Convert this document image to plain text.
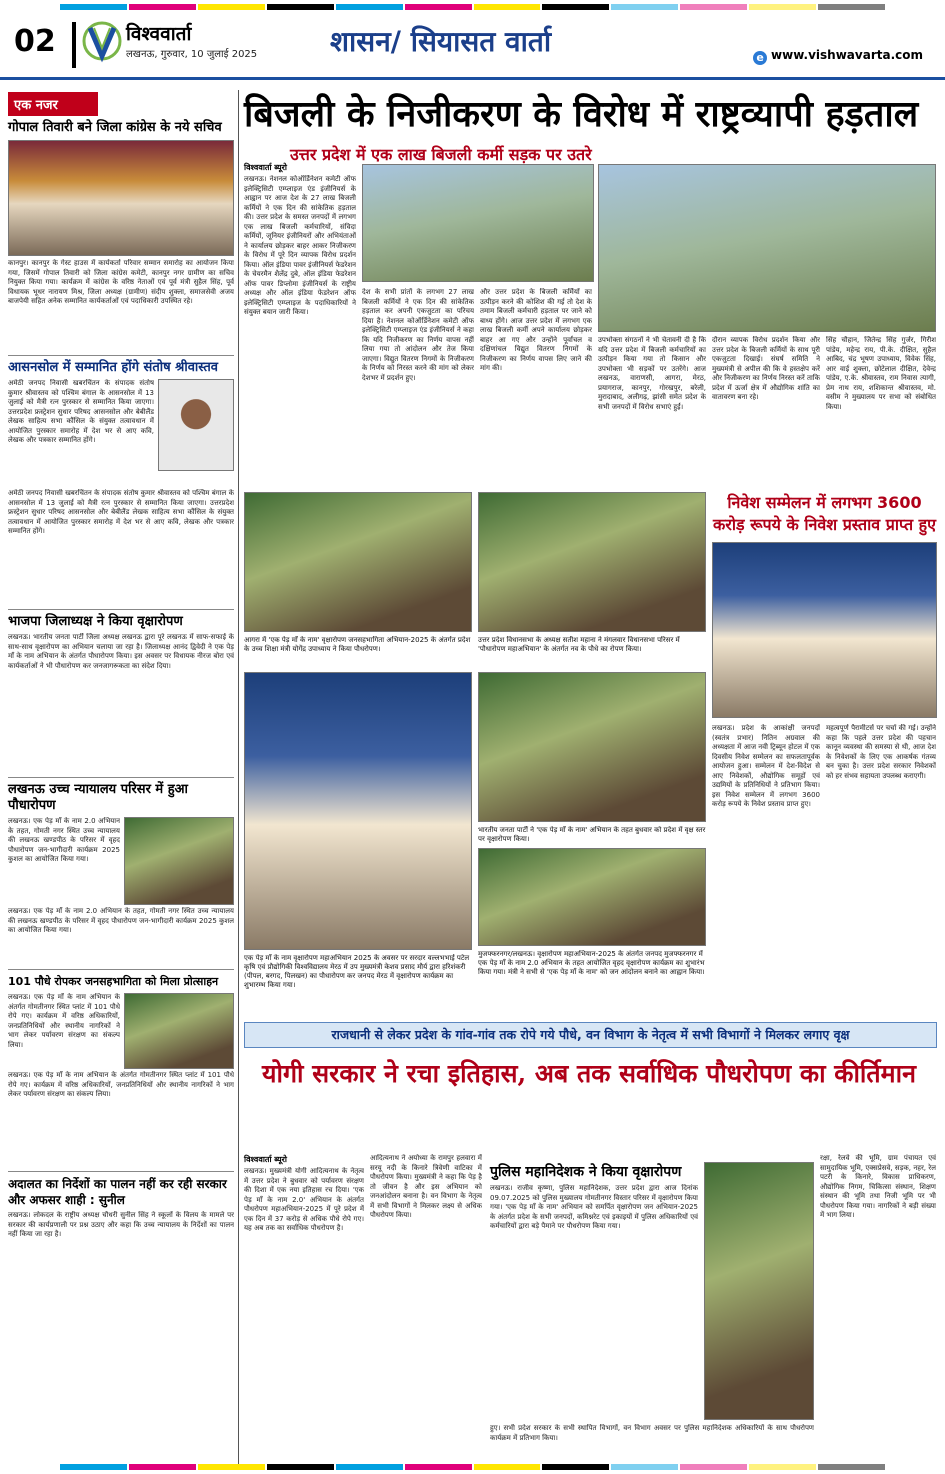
02	विश्ववार्ता
लखनऊ, गुरुवार, 10 जुलाई 2025	शासन/ सियासत वार्ता	e www.vishwavarta.com
एक नजर
गोपाल तिवारी बने जिला कांग्रेस के नये सचिव
कानपुर। कानपुर के गेस्ट हाउस में कार्यकर्ता परिवार सम्मान समारोह का आयोजन किया गया, जिसमें गोपाल तिवारी को जिला कांग्रेस कमेटी, कानपुर नगर ग्रामीण का सचिव नियुक्त किया गया। कार्यक्रम में कांग्रेस के वरिष्ठ नेताओं एवं पूर्व मंत्री सुहैल सिंह, पूर्व विधायक भूधर नारायण मिश्र, जिला अध्यक्ष (ग्रामीण) संदीप शुक्ला, समाजसेवी अजय बाजपेयी सहित अनेक सम्मानित कार्यकर्ताओं एवं पदाधिकारी उपस्थित रहे।
आसनसोल में सम्मानित होंगे संतोष श्रीवास्तव
अमेठी जनपद निवासी खबरचिंतन के संपादक संतोष कुमार श्रीवास्तव को पश्चिम बंगाल के आसनसोल में 13 जुलाई को मैत्री रत्न पुरस्कार से सम्मानित किया जाएगा। उत्तरप्रदेश फ्रस्ट्रेशन सुधार परिषद आसनसोल और बेबीलैंड लेखक साहित्य सभा कौंसिल के संयुक्त तत्वावधान में आयोजित पुरस्कार समारोह में देश भर से आए कवि, लेखक और पत्रकार सम्मानित होंगे।
अमेठी जनपद निवासी खबरचिंतन के संपादक संतोष कुमार श्रीवास्तव को पश्चिम बंगाल के आसनसोल में 13 जुलाई को मैत्री रत्न पुरस्कार से सम्मानित किया जाएगा। उत्तरप्रदेश फ्रस्ट्रेशन सुधार परिषद आसनसोल और बेबीलैंड लेखक साहित्य सभा कौंसिल के संयुक्त तत्वावधान में आयोजित पुरस्कार समारोह में देश भर से आए कवि, लेखक और पत्रकार सम्मानित होंगे।
भाजपा जिलाध्यक्ष ने किया वृक्षारोपण
लखनऊ। भारतीय जनता पार्टी जिला अध्यक्ष लखनऊ द्वारा पूरे लखनऊ में साफ-सफाई के साथ-साथ वृक्षारोपण का अभियान चलाया जा रहा है। जिलाध्यक्ष आनंद द्विवेदी ने एक पेड़ माँ के नाम अभियान के अंतर्गत पौधारोपण किया। इस अवसर पर विधायक नीरज बोरा एवं कार्यकर्ताओं ने भी पौधारोपण कर जनजागरूकता का संदेश दिया।
लखनऊ उच्च न्यायालय परिसर में हुआ पौधारोपण
लखनऊ। एक पेड़ माँ के नाम 2.0 अभियान के तहत, गोमती नगर स्थित उच्च न्यायालय की लखनऊ खण्डपीठ के परिसर में वृहद पौधारोपण जन-भागीदारी कार्यक्रम 2025 कुशल का आयोजित किया गया।
लखनऊ। एक पेड़ माँ के नाम 2.0 अभियान के तहत, गोमती नगर स्थित उच्च न्यायालय की लखनऊ खण्डपीठ के परिसर में वृहद पौधारोपण जन-भागीदारी कार्यक्रम 2025 कुशल का आयोजित किया गया।
101 पौधे रोपकर जनसहभागिता को मिला प्रोत्साहन
लखनऊ। एक पेड़ माँ के नाम अभियान के अंतर्गत गोमतीनगर स्थित प्लांट में 101 पौधे रोपे गए। कार्यक्रम में वरिष्ठ अधिकारियों, जनप्रतिनिधियों और स्थानीय नागरिकों ने भाग लेकर पर्यावरण संरक्षण का संकल्प लिया।
लखनऊ। एक पेड़ माँ के नाम अभियान के अंतर्गत गोमतीनगर स्थित प्लांट में 101 पौधे रोपे गए। कार्यक्रम में वरिष्ठ अधिकारियों, जनप्रतिनिधियों और स्थानीय नागरिकों ने भाग लेकर पर्यावरण संरक्षण का संकल्प लिया।
अदालत का निर्देशों का पालन नहीं कर रही सरकार और अफसर शाही : सुनील
लखनऊ। लोकदल के राष्ट्रीय अध्यक्ष चौधरी सुनील सिंह ने स्कूलों के विलय के मामले पर सरकार की कार्यप्रणाली पर प्रश्न उठाए और कहा कि उच्च न्यायालय के निर्देशों का पालन नहीं किया जा रहा है।
बिजली के निजीकरण के विरोध में राष्ट्रव्यापी हड़ताल
उत्तर प्रदेश में एक लाख बिजली कर्मी सड़क पर उतरे
विश्ववार्ता ब्यूरो
लखनऊ। नेशनल कोऑर्डिनेशन कमेटी ऑफ इलेक्ट्रिसिटी एम्प्लाइज एंड इंजीनियर्स के आह्वान पर आज देश के 27 लाख बिजली कर्मियों ने एक दिन की सांकेतिक हड़ताल की। उत्तर प्रदेश के समस्त जनपदों में लगभग एक लाख बिजली कर्मचारियों, संविदा कर्मियों, जूनियर इंजीनियरों और अभियंताओं ने कार्यालय छोड़कर बाहर आकर निजीकरण के विरोध में पूरे दिन व्यापक विरोध प्रदर्शन किया। ऑल इंडिया पावर इंजीनियर्स फेडरेशन के चेयरमैन शैलेंद्र दुबे, ऑल इंडिया फेडरेशन ऑफ पावर डिप्लोमा इंजीनियर्स के राष्ट्रीय अध्यक्ष और ऑल इंडिया फेडरेशन ऑफ इलेक्ट्रिसिटी एम्प्लाइज के पदाधिकारियों ने संयुक्त बयान जारी किया।
देश के सभी प्रांतों के लगभग 27 लाख बिजली कर्मियों ने एक दिन की सांकेतिक हड़ताल कर अपनी एकजुटता का परिचय दिया है। नेशनल कोऑर्डिनेशन कमेटी ऑफ इलेक्ट्रिसिटी एम्प्लाइज एंड इंजीनियर्स ने कहा कि यदि निजीकरण का निर्णय वापस नहीं लिया गया तो आंदोलन और तेज किया जाएगा। विद्युत वितरण निगमों के निजीकरण के निर्णय को निरस्त करने की मांग को लेकर देशभर में प्रदर्शन हुए।
और उत्तर प्रदेश के बिजली कर्मियों का उत्पीड़न करने की कोशिश की गई तो देश के तमाम बिजली कर्मचारी हड़ताल पर जाने को बाध्य होंगे। आज उत्तर प्रदेश में लगभग एक लाख बिजली कर्मी अपने कार्यालय छोड़कर बाहर आ गए और उन्होंने पूर्वांचल व दक्षिणांचल विद्युत वितरण निगमों के निजीकरण का निर्णय वापस लिए जाने की मांग की।
उपभोक्ता संगठनों ने भी चेतावनी दी है कि यदि उत्तर प्रदेश में बिजली कर्मचारियों का उत्पीड़न किया गया तो किसान और उपभोक्ता भी सड़कों पर उतरेंगे। आज लखनऊ, वाराणसी, आगरा, मेरठ, प्रयागराज, कानपुर, गोरखपुर, बरेली, मुरादाबाद, अलीगढ़, झांसी समेत प्रदेश के सभी जनपदों में विरोध सभाएं हुईं।
दौरान व्यापक विरोध प्रदर्शन किया और उत्तर प्रदेश के बिजली कर्मियों के साथ पूरी एकजुटता दिखाई। संघर्ष समिति ने मुख्यमंत्री से अपील की कि वे हस्तक्षेप करें और निजीकरण का निर्णय निरस्त करें ताकि प्रदेश में ऊर्जा क्षेत्र में औद्योगिक शांति का वातावरण बना रहे।
सिंह चौहान, जितेन्द्र सिंह गुर्जर, गिरीश पांडेय, महेन्द्र राय, पी.के. दीक्षित, सुहैल आबिद, चंद्र भूषण उपाध्याय, विवेक सिंह, आर वाई शुक्ला, छोटेलाल दीक्षित, देवेन्द्र पांडेय, ए.के. श्रीवास्तव, राम निवास त्यागी, प्रेम नाथ राय, शशिकान्त श्रीवास्तव, मो. वसीम ने मुख्यालय पर सभा को संबोधित किया।
आगरा में 'एक पेड़ माँ के नाम' वृक्षारोपण जनसहभागिता अभियान-2025 के अंतर्गत प्रदेश के उच्च शिक्षा मंत्री योगेंद्र उपाध्याय ने किया पौधरोपण।
उत्तर प्रदेश विधानसभा के अध्यक्ष सतीश महाना ने मंगलवार विधानसभा परिसर में 'पौधारोपण महाअभियान' के अंतर्गत नव के पौधे का रोपण किया।
भारतीय जनता पार्टी ने 'एक पेड़ माँ के नाम' अभियान के तहत बुधवार को प्रदेश में वृक्ष स्तर पर वृक्षारोपण किया।
मुजफ्फरनगर/लखनऊ। वृक्षारोपण महाअभियान-2025 के अंतर्गत जनपद मुजफ्फरनगर में एक पेड़ माँ के नाम 2.0 अभियान के तहत आयोजित वृहद वृक्षारोपण कार्यक्रम का शुभारंभ किया गया। मंत्री ने सभी से 'एक पेड़ माँ के नाम' को जन आंदोलन बनाने का आह्वान किया।
एक पेड़ माँ के नाम वृक्षारोपण महाअभियान 2025 के अवसर पर सरदार वल्लभभाई पटेल कृषि एवं प्रौद्योगिकी विश्वविद्यालय मेरठ में उप मुख्यमंत्री केशव प्रसाद मौर्य द्वारा हरिशंकरी (पीपल, बरगद, पिलखन) का पौधारोपण कर जनपद मेरठ में वृक्षारोपण कार्यक्रम का शुभारम्भ किया गया।
निवेश सम्मेलन में लगभग 3600
करोड़ रूपये के निवेश प्रस्ताव प्राप्त हुए
लखनऊ। प्रदेश के आकांक्षी जनपदों (स्वतंत्र प्रभार) नितिन अग्रवाल की अध्यक्षता में आज नवी ट्रिब्यून होटल में एक दिवसीय निवेश सम्मेलन का सफलतापूर्वक आयोजन हुआ। सम्मेलन में देश-विदेश से आए निवेशकों, औद्योगिक समूहों एवं उद्यमियों के प्रतिनिधियों ने प्रतिभाग किया। इस निवेश सम्मेलन में लगभग 3600 करोड़ रूपये के निवेश प्रस्ताव प्राप्त हुए।
महत्वपूर्ण पैरामीटर्स पर चर्चा की गई। उन्होंने कहा कि पहले उत्तर प्रदेश की पहचान कानून व्यवस्था की समस्या से थी, आज देश के निवेशकों के लिए एक आकर्षक गंतव्य बन चुका है। उत्तर प्रदेश सरकार निवेशकों को हर संभव सहायता उपलब्ध कराएगी।
राजधानी से लेकर प्रदेश के गांव-गांव तक रोपे गये पौधे, वन विभाग के नेतृत्व में सभी विभागों ने मिलकर लगाए वृक्ष
योगी सरकार ने रचा इतिहास, अब तक सर्वाधिक पौधरोपण का कीर्तिमान
विश्ववार्ता ब्यूरो
लखनऊ। मुख्यमंत्री योगी आदित्यनाथ के नेतृत्व में उत्तर प्रदेश ने बुधवार को पर्यावरण संरक्षण की दिशा में एक नया इतिहास रच दिया। 'एक पेड़ माँ के नाम 2.0' अभियान के अंतर्गत पौधरोपण महाअभियान-2025 में पूरे प्रदेश में एक दिन में 37 करोड़ से अधिक पौधे रोपे गए। यह अब तक का सर्वाधिक पौधरोपण है।
आदित्यनाथ ने अयोध्या के रामपुर हलवारा में सरयू नदी के किनारे त्रिवेणी वाटिका में पौधरोपण किया। मुख्यमंत्री ने कहा कि पेड़ है तो जीवन है और इस अभियान को जनआंदोलन बनाना है। वन विभाग के नेतृत्व में सभी विभागों ने मिलकर लक्ष्य से अधिक पौधरोपण किया।
पुलिस महानिदेशक ने किया वृक्षारोपण
लखनऊ। राजीव कृष्णा, पुलिस महानिदेशक, उत्तर प्रदेश द्वारा आज दिनांक 09.07.2025 को पुलिस मुख्यालय गोमतीनगर विस्तार परिसर में वृक्षारोपण किया गया। 'एक पेड़ माँ के नाम' अभियान को समर्पित वृक्षारोपण जन अभियान-2025 के अंतर्गत प्रदेश के सभी जनपदों, कमिश्नरेट एवं इकाइयों में पुलिस अधिकारियों एवं कर्मचारियों द्वारा बड़े पैमाने पर पौधरोपण किया गया।
हुए। सभी प्रदेश सरकार के सभी स्थापित विभागों, वन विभाग अवसर पर पुलिस महानिदेशक अधिकारियों के साथ पौधरोपण कार्यक्रम में प्रतिभाग किया।
रक्षा, रेलवे की भूमि, ग्राम पंचायत एवं सामुदायिक भूमि, एक्सप्रेसवे, सड़क, नहर, रेल पटरी के किनारे, विकास प्राधिकरण, औद्योगिक निगम, चिकित्सा संस्थान, शिक्षण संस्थान की भूमि तथा निजी भूमि पर भी पौधरोपण किया गया। नागरिकों ने बड़ी संख्या में भाग लिया।
